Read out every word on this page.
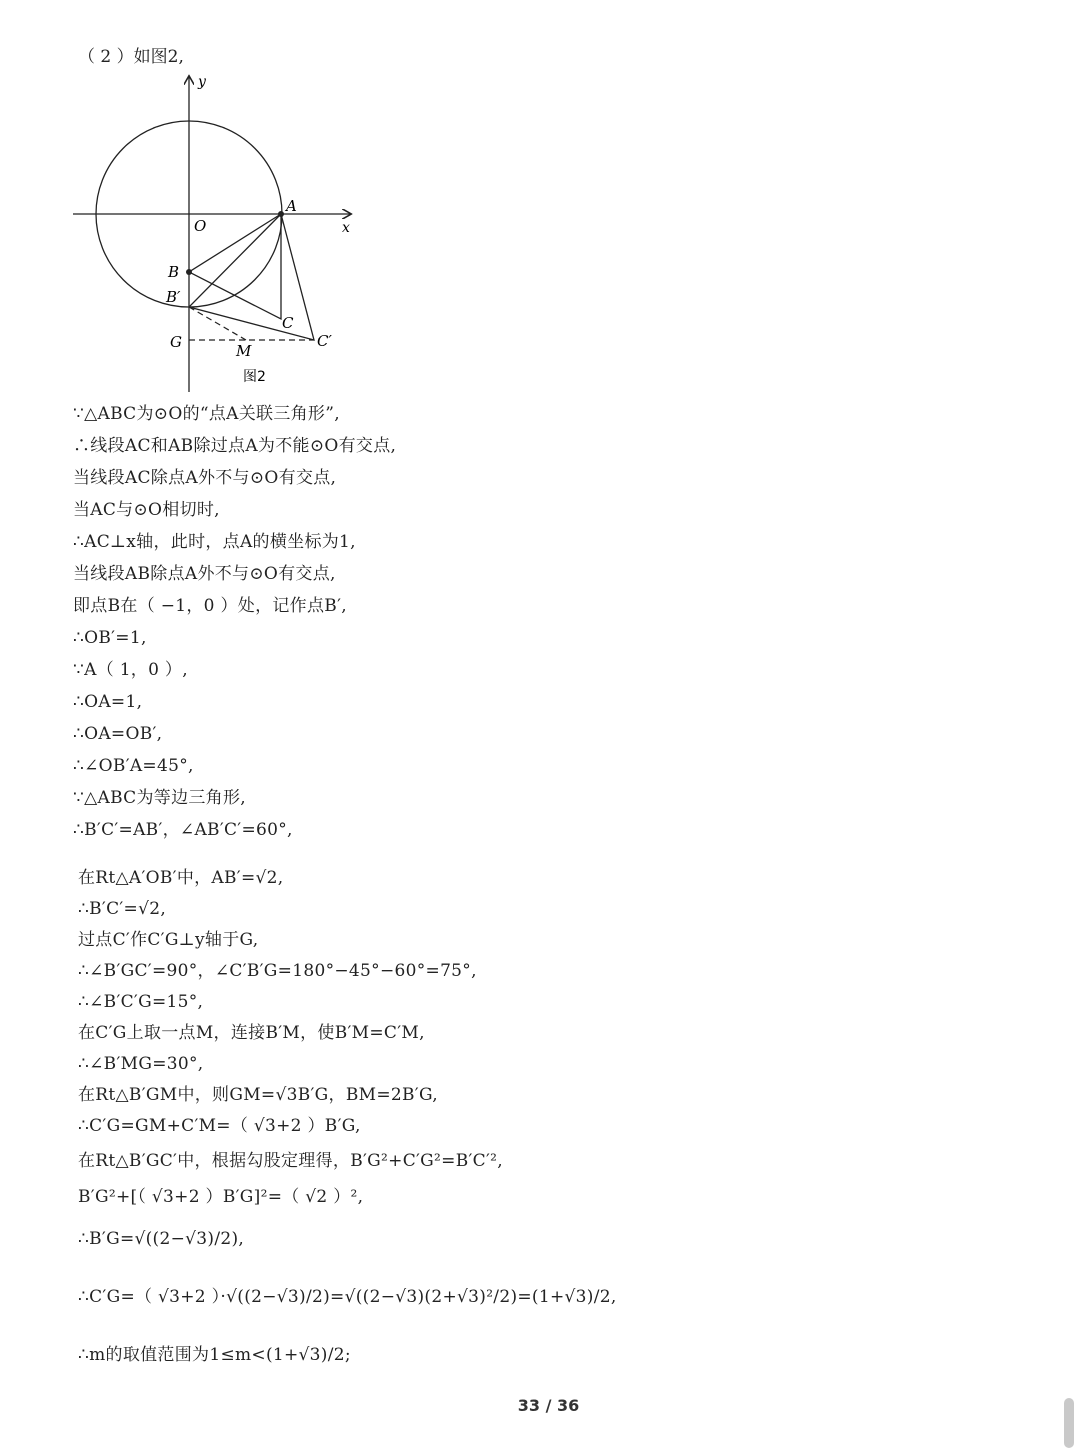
（ 2 ）如图2,
y
x
O
A
B
B′
C
C′
G	M
图2
∵△ABC为⊙O的“点A关联三角形”,
∴线段AC和AB除过点A为不能⊙O有交点,
当线段AC除点A外不与⊙O有交点,
当AC与⊙O相切时,
∴AC⊥x轴，此时，点A的横坐标为1,
当线段AB除点A外不与⊙O有交点,
即点B在（ −1，0 ）处，记作点B′,
∴OB′=1,
∵A（ 1，0 ）,
∴OA=1,
∴OA=OB′,
∴∠OB′A=45°,
∵△ABC为等边三角形,
∴B′C′=AB′，∠AB′C′=60°,
在Rt△A′OB′中，AB′=√2,
∴B′C′=√2,
过点C′作C′G⊥y轴于G,
∴∠B′GC′=90°，∠C′B′G=180°−45°−60°=75°,
∴∠B′C′G=15°,
在C′G上取一点M，连接B′M，使B′M=C′M,
∴∠B′MG=30°,
在Rt△B′GM中，则GM=√3B′G，BM=2B′G,
∴C′G=GM+C′M=（ √3+2 ）B′G,
在Rt△B′GC′中，根据勾股定理得，B′G²+C′G²=B′C′²,
B′G²+[（ √3+2 ）B′G]²=（ √2 ）²,
∴B′G=√((2−√3)/2),
∴C′G=（ √3+2 ）·√((2−√3)/2)=√((2−√3)(2+√3)²/2)=(1+√3)/2,
∴m的取值范围为1≤m<(1+√3)/2;
33 / 36
